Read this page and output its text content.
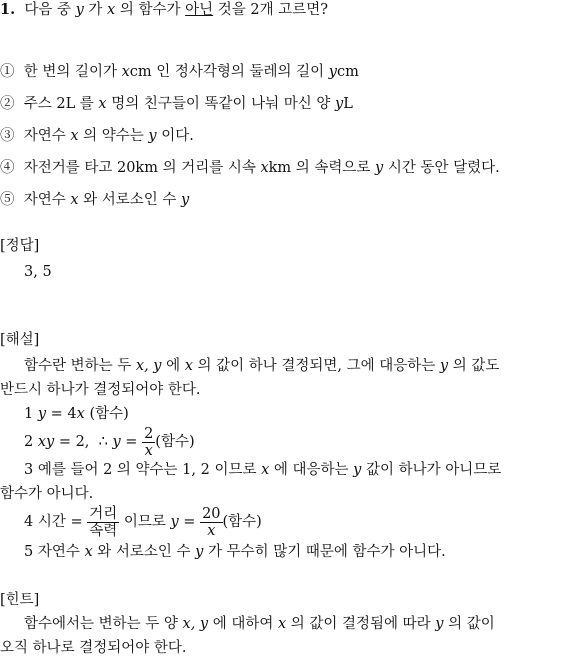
1. 다음 중 y 가 x 의 함수가 아닌 것을 2개 고르면?
① 한 변의 길이가 xcm 인 정사각형의 둘레의 길이 ycm
② 주스 2L 를 x 명의 친구들이 똑같이 나눠 마신 양 yL
③ 자연수 x 의 약수는 y 이다.
④ 자전거를 타고 20km 의 거리를 시속 xkm 의 속력으로 y 시간 동안 달렸다.
⑤ 자연수 x 와 서로소인 수 y
[정답]
3, 5
[해설]
함수란 변하는 두 x, y 에 x 의 값이 하나 결정되면, 그에 대응하는 y 의 값도
반드시 하나가 결정되어야 한다.
1 y = 4x (함수)
2 xy = 2, ∴ $y = \frac{2}{x}$ (함수)
3 예를 들어 2 의 약수는 1, 2 이므로 x 에 대응하는 y 값이 하나가 아니므로
함수가 아니다.
4 시간 = $\frac{\text{거리}}{\text{속력}}$ 이므로 $y = \frac{20}{x}$ (함수)
5 자연수 x 와 서로소인 수 y 가 무수히 많기 때문에 함수가 아니다.
[힌트]
함수에서는 변하는 두 양 x, y 에 대하여 x 의 값이 결정됨에 따라 y 의 값이
오직 하나로 결정되어야 한다.
